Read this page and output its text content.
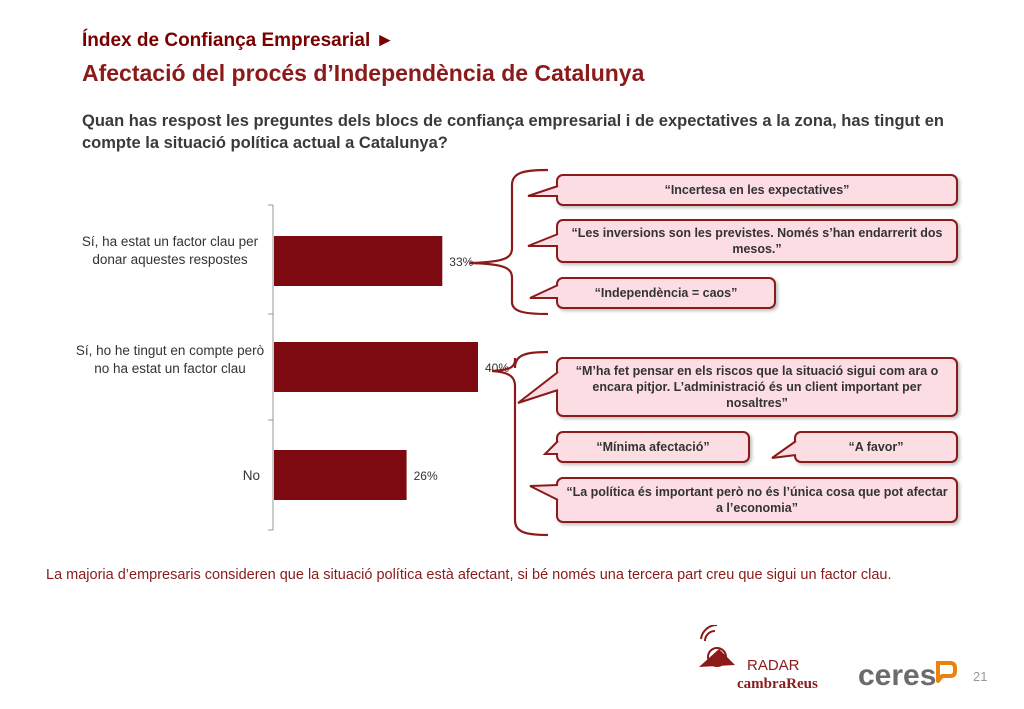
Índex de Confiança Empresarial ►
Afectació del procés d’Independència de Catalunya
Quan has respost les preguntes dels blocs de confiança empresarial i de expectatives a la zona, has tingut en compte la situació política actual a Catalunya?
Sí, ha estat un factor clau per donar aquestes respostes
Sí, ho he tingut en compte però no ha estat un factor clau
No
33%
40%
26%
“Incertesa en les expectatives”
“Les inversions son les previstes. Només s’han endarrerit dos mesos.”
“Independència = caos”
“M’ha fet pensar en els riscos que la situació sigui com ara o encara pitjor. L’administració és un client important per nosaltres”
“Mínima afectació”	“A favor”
“La política és important però no és l’única cosa que pot afectar a l’economia”
La majoria d’empresaris consideren que la situació política està afectant, si bé només una tercera part creu que sigui un factor clau.
RADAR
cambraReus ceres	21
